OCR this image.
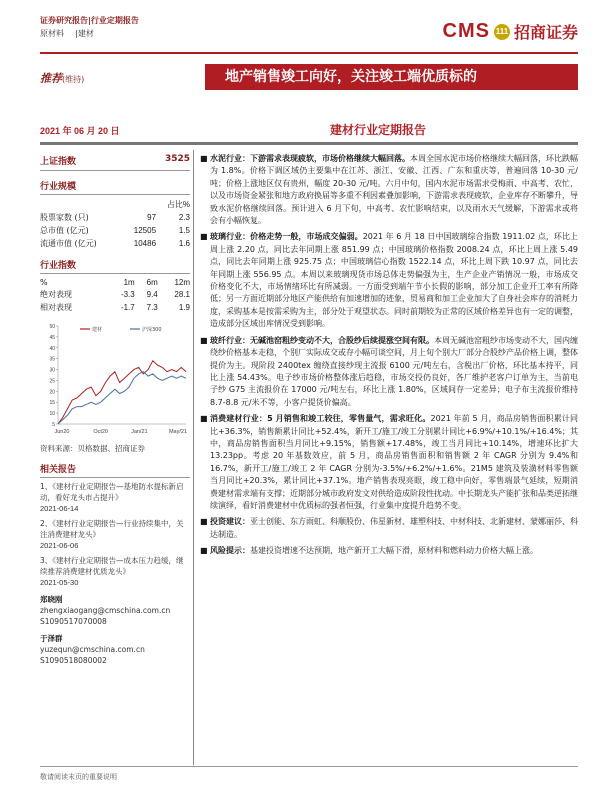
证券研究报告|行业定期报告
原材料 |建材	CMS 111 招商证券
推荐(维持)	地产销售竣工向好，关注竣工端优质标的
2021 年 06 月 20 日	建材行业定期报告
上证指数	3525
行业规模
		占比%
股票家数 (只)	97	2.3
总市值 (亿元)	12505	1.5
流通市值 (亿元)	10486	1.6
行业指数
%	1m	6m	12m
绝对表现	-3.3	9.4	28.1
相对表现	-1.7	7.3	1.9
5
10
15
20
25
30
35
40
45
50
Jun20	Oct20	Jan/21	May/21
建材	沪深300
资料来源：贝格数据、招商证券
相关报告
1、《建材行业定期报告—基地防水提标新启动，看好龙头市占提升》
2021-06-14
2、《建材行业定期报告—行业持续集中，关注消费建材龙头》
2021-06-06
3、《建材行业定期报告—成本压力趋缓，继续推荐消费建材优质龙头》
2021-05-30
郑晓刚
zhengxiaogang@cmschina.com.cn
S1090517070008
于泽群
yuzequn@cmschina.com.cn
S1090518080002
■ 水泥行业：下游需求表现疲软，市场价格继续大幅回落。本周全国水泥市场价格继续大幅回落，环比跌幅为 1.8%。价格下调区域仍主要集中在江苏、浙江、安徽、江西、广东和重庆等，普遍回落 10-30 元/吨；价格上涨地区仅有贵州，幅度 20-30 元/吨。六月中旬，国内水泥市场需求受梅雨、中高考、农忙，以及市场资金紧张和地方政府换届等多重不利因素叠加影响，下游需求表现疲软，企业库存不断攀升，导致水泥价格继续回落。预计进入 6 月下旬，中高考、农忙影响结束，以及雨水天气缓解，下游需求或将会有小幅恢复。
■ 玻璃行业：价格走势一般，市场成交偏弱。2021 年 6 月 18 日中国玻璃综合指数 1911.02 点，环比上周上涨 2.20 点，同比去年同期上涨 851.99 点；中国玻璃价格指数 2008.24 点，环比上周上涨 5.49 点，同比去年同期上涨 925.75 点；中国玻璃信心指数 1522.14 点，环比上周下跌 10.97 点，同比去年同期上涨 556.95 点。本周以来玻璃现货市场总体走势偏强为主，生产企业产销情况一般，市场成交价格变化不大，市场情绪环比有所减弱。一方面受到端午节小长假的影响，部分加工企业开工率有所降低；另一方面近期部分地区产能供给有加速增加的迹象，贸易商和加工企业加大了自身社会库存的消耗力度，采购基本是按需采购为主，部分处于观望状态。同时前期较为正常的区域价格差异也有一定的调整，造成部分区域出库情况受到影响。
■ 玻纤行业：无碱池窑粗纱变动不大，合股纱后续提涨空间有限。本周无碱池窑粗纱市场变动不大，国内缠绕纱价格基本走稳，个别厂实际成交或存小幅可谈空间，月上旬个别大厂部分合股纱产品价格上调，整体提价为主。现阶段 2400tex 缠绕直接纱现主流报 6100 元/吨左右，含税出厂价格，环比基本持平，同比上涨 54.43%。电子纱市场价格整体涨后趋稳，市场交投仍良好，各厂维护老客户订单为主，当前电子纱 G75 主流报价在 17000 元/吨左右，环比上涨 1.80%，区域间存一定差异；电子布主流报价维持 8.7-8.8 元/米不等，小客户提货价偏高。
■ 消费建材行业：5 月销售和竣工较往，零售量气，需求旺化。2021 年前 5 月，商品房销售面积累计同比+36.3%，销售额累计同比+52.4%，新开工/施工/竣工分别累计同比+6.9%/+10.1%/+16.4%；其中，商品房销售面积当月同比+9.15%，销售额+17.48%，竣工当月同比+10.14%，增速环比扩大 13.23pp。考虑 20 年基数效应，前 5 月，商品房销售面积和销售额 2 年 CAGR 分别为 9.4%和 16.7%，新开工/施工/竣工 2 年 CAGR 分别为-3.5%/+6.2%/+1.6%。21M5 建筑及装潢材料零售额当月同比+20.3%，累计同比+37.1%。地产销售表现亮眼，竣工稳中向好，零售端景气延续，短期消费建材需求端有支撑；近期部分城市政府发文对供给造成阶段性扰动。中长期龙头产能扩张和品类逆拓继续演绎，看好消费建材中优质标的强者恒强，行业集中度提升趋势不变。
■ 投资建议：亚士创能、东方雨虹、科顺股份、伟星新材、雄塑科技、中材科技、北新建材、蒙娜丽莎、科达制造。
■ 风险提示：基建投资增速不达预期，地产新开工大幅下滑，原材料和燃料动力价格大幅上涨。
敬请阅读末页的重要说明
